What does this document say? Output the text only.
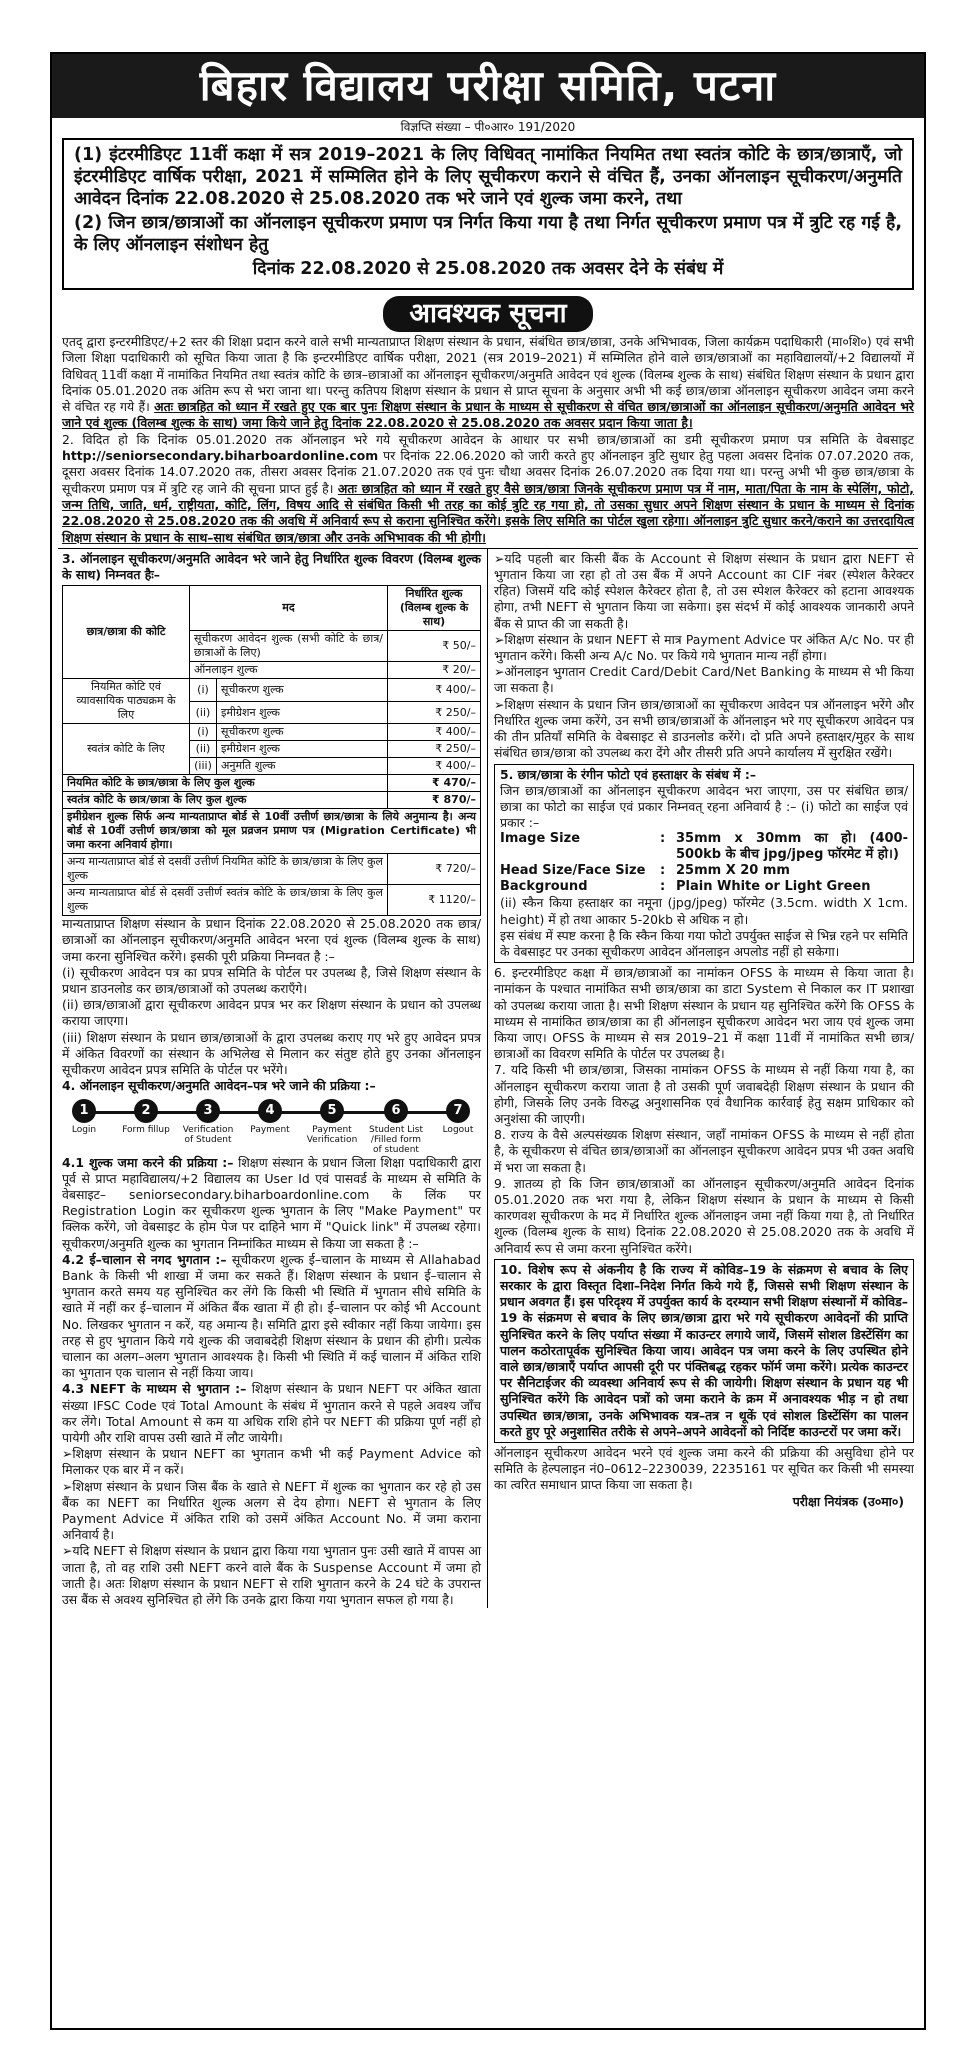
बिहार विद्यालय परीक्षा समिति, पटना
विज्ञप्ति संख्या – पी०आर० 191/2020

(1) इंटरमीडिएट 11वीं कक्षा में सत्र 2019–2021 के लिए विधिवत् नामांकित नियमित तथा स्वतंत्र कोटि के छात्र/छात्राएँ, जो इंटरमीडिएट वार्षिक परीक्षा, 2021 में सम्मिलित होने के लिए सूचीकरण कराने से वंचित हैं, उनका ऑनलाइन सूचीकरण/अनुमति आवेदन दिनांक 22.08.2020 से 25.08.2020 तक भरे जाने एवं शुल्क जमा करने, तथा

(2) जिन छात्र/छात्राओं का ऑनलाइन सूचीकरण प्रमाण पत्र निर्गत किया गया है तथा निर्गत सूचीकरण प्रमाण पत्र में त्रुटि रह गई है, के लिए ऑनलाइन संशोधन हेतु

दिनांक 22.08.2020 से 25.08.2020 तक अवसर देने के संबंध में

आवश्यक सूचना

एतद् द्वारा इन्टरमीडिएट/+2 स्तर की शिक्षा प्रदान करने वाले सभी मान्यताप्राप्त शिक्षण संस्थान के प्रधान, संबंधित छात्र/छात्रा, उनके अभिभावक, जिला कार्यक्रम पदाधिकारी (मा०शि०) एवं सभी जिला शिक्षा पदाधिकारी को सूचित किया जाता है कि इन्टरमीडिएट वार्षिक परीक्षा, 2021 (सत्र 2019–2021) में सम्मिलित होने वाले छात्र/छात्राओं का महाविद्यालयों/+2 विद्यालयों में विधिवत् 11वीं कक्षा में नामांकित नियमित तथा स्वतंत्र कोटि के छात्र–छात्राओं का ऑनलाइन सूचीकरण/अनुमति आवेदन एवं शुल्क (विलम्ब शुल्क के साथ) संबंधित शिक्षण संस्थान के प्रधान द्वारा दिनांक 05.01.2020 तक अंतिम रूप से भरा जाना था। परन्तु कतिपय शिक्षण संस्थान के प्रधान से प्राप्त सूचना के अनुसार अभी भी कई छात्र/छात्रा ऑनलाइन सूचीकरण आवेदन जमा करने से वंचित रह गये हैं। अतः छात्रहित को ध्यान में रखते हुए एक बार पुनः शिक्षण संस्थान के प्रधान के माध्यम से सूचीकरण से वंचित छात्र/छात्राओं का ऑनलाइन सूचीकरण/अनुमति आवेदन भरे जाने एवं शुल्क (विलम्ब शुल्क के साथ) जमा किये जाने हेतु दिनांक 22.08.2020 से 25.08.2020 तक अवसर प्रदान किया जाता है।

2. विदित हो कि दिनांक 05.01.2020 तक ऑनलाइन भरे गये सूचीकरण आवेदन के आधार पर सभी छात्र/छात्राओं का डमी सूचीकरण प्रमाण पत्र समिति के वेबसाइट http://seniorsecondary.biharboardonline.com पर दिनांक 22.06.2020 को जारी करते हुए ऑनलाइन त्रुटि सुधार हेतु पहला अवसर दिनांक 07.07.2020 तक, दूसरा अवसर दिनांक 14.07.2020 तक, तीसरा अवसर दिनांक 21.07.2020 तक एवं पुनः चौथा अवसर दिनांक 26.07.2020 तक दिया गया था। परन्तु अभी भी कुछ छात्र/छात्रा के सूचीकरण प्रमाण पत्र में त्रुटि रह जाने की सूचना प्राप्त हुई है। अतः छात्रहित को ध्यान में रखते हुए वैसे छात्र/छात्रा जिनके सूचीकरण प्रमाण पत्र में नाम, माता/पिता के नाम के स्पेलिंग, फोटो, जन्म तिथि, जाति, धर्म, राष्ट्रीयता, कोटि, लिंग, विषय आदि से संबंधित किसी भी तरह का कोई त्रुटि रह गया हो, तो उसका सुधार अपने शिक्षण संस्थान के प्रधान के माध्यम से दिनांक 22.08.2020 से 25.08.2020 तक की अवधि में अनिवार्य रूप से कराना सुनिश्चित करेंगे। इसके लिए समिति का पोर्टल खुला रहेगा। ऑनलाइन त्रुटि सुधार करने/कराने का उत्तरदायित्व शिक्षण संस्थान के प्रधान के साथ–साथ संबंधित छात्र/छात्रा और उनके अभिभावक की भी होगी।

3. ऑनलाइन सूचीकरण/अनुमति आवेदन भरे जाने हेतु निर्धारित शुल्क विवरण (विलम्ब शुल्क के साथ) निम्नवत हैः–

छात्र/छात्रा की कोटि	मद		निर्धारित शुल्क (विलम्ब शुल्क के साथ)
	सूचीकरण आवेदन शुल्क (सभी कोटि के छात्र/छात्राओं के लिए)		₹ 50/–
	ऑनलाइन शुल्क		₹ 20/–
नियमित कोटि एवं व्यावसायिक पाठ्यक्रम के लिए	(i)	सूचीकरण शुल्क	₹ 400/–
	(ii)	इमीग्रेशन शुल्क	₹ 250/–
स्वतंत्र कोटि के लिए	(i)	सूचीकरण शुल्क	₹ 400/–
	(ii)	इमीग्रेशन शुल्क	₹ 250/–
	(iii)	अनुमति शुल्क	₹ 400/–
नियमित कोटि के छात्र/छात्रा के लिए कुल शुल्क			₹ 470/–
स्वतंत्र कोटि के छात्र/छात्रा के लिए कुल शुल्क			₹ 870/–
इमीग्रेशन शुल्क सिर्फ अन्य मान्यताप्राप्त बोर्ड से 10वीं उत्तीर्ण छात्र/छात्रा के लिये अनुमान्य है। अन्य बोर्ड से 10वीं उत्तीर्ण छात्र/छात्रा को मूल प्रव्रजन प्रमाण पत्र (Migration Certificate) भी जमा करना अनिवार्य होगा।			
अन्य मान्यताप्राप्त बोर्ड से दसवीं उत्तीर्ण नियमित कोटि के छात्र/छात्रा के लिए कुल शुल्क			₹ 720/–
अन्य मान्यताप्राप्त बोर्ड से दसवीं उत्तीर्ण स्वतंत्र कोटि के छात्र/छात्रा के लिए कुल शुल्क			₹ 1120/–

मान्यताप्राप्त शिक्षण संस्थान के प्रधान दिनांक 22.08.2020 से 25.08.2020 तक छात्र/छात्राओं का ऑनलाइन सूचीकरण/अनुमति आवेदन भरना एवं शुल्क (विलम्ब शुल्क के साथ) जमा करना सुनिश्चित करेंगे। इसकी पूरी प्रक्रिया निम्नवत है :–

(i) सूचीकरण आवेदन पत्र का प्रपत्र समिति के पोर्टल पर उपलब्ध है, जिसे शिक्षण संस्थान के प्रधान डाउनलोड कर छात्र/छात्राओं को उपलब्ध कराएँगे।

(ii) छात्र/छात्राओं द्वारा सूचीकरण आवेदन प्रपत्र भर कर शिक्षण संस्थान के प्रधान को उपलब्ध कराया जाएगा।

(iii) शिक्षण संस्थान के प्रधान छात्र/छात्राओं के द्वारा उपलब्ध कराए गए भरे हुए आवेदन प्रपत्र में अंकित विवरणों का संस्थान के अभिलेख से मिलान कर संतुष्ट होते हुए उनका ऑनलाइन सूचीकरण आवेदन प्रपत्र समिति के पोर्टल पर भरेंगे।

4. ऑनलाइन सूचीकरण/अनुमति आवेदन–पत्र भरे जाने की प्रक्रिया :–

1
Login
2
Form fillup
3
Verification of Student
4
Payment
5
Payment Verification
6
Student List /Filled form of student
7
Logout

4.1 शुल्क जमा करने की प्रक्रिया :– शिक्षण संस्थान के प्रधान जिला शिक्षा पदाधिकारी द्वारा पूर्व से प्राप्त महाविद्यालय/+2 विद्यालय का User Id एवं पासवर्ड के माध्यम से समिति के वेबसाइट– seniorsecondary.biharboardonline.com के लिंक पर Registration Login कर सूचीकरण शुल्क भुगतान के लिए "Make Payment" पर क्लिक करेंगे, जो वेबसाइट के होम पेज पर दाहिने भाग में "Quick link" में उपलब्ध रहेगा। सूचीकरण/अनुमति शुल्क का भुगतान निम्नांकित माध्यम से किया जा सकता है :–

4.2 ई–चालान से नगद भुगतान :– सूचीकरण शुल्क ई–चालान के माध्यम से Allahabad Bank के किसी भी शाखा में जमा कर सकते हैं। शिक्षण संस्थान के प्रधान ई–चालान से भुगतान करते समय यह सुनिश्चित कर लेंगे कि किसी भी स्थिति में भुगतान सीधे समिति के खाते में नहीं कर ई–चालान में अंकित बैंक खाता में ही हो। ई–चालान पर कोई भी Account No. लिखकर भुगतान न करें, यह अमान्य है। समिति द्वारा इसे स्वीकार नहीं किया जायेगा। इस तरह से हुए भुगतान किये गये शुल्क की जवाबदेही शिक्षण संस्थान के प्रधान की होगी। प्रत्येक चालान का अलग–अलग भुगतान आवश्यक है। किसी भी स्थिति में कई चालान में अंकित राशि का भुगतान एक चालान से नहीं किया जाय।

4.3 NEFT के माध्यम से भुगतान :– शिक्षण संस्थान के प्रधान NEFT पर अंकित खाता संख्या IFSC Code एवं Total Amount के संबंध में भुगतान करने से पहले अवश्य जाँच कर लेंगे। Total Amount से कम या अधिक राशि होने पर NEFT की प्रक्रिया पूर्ण नहीं हो पायेगी और राशि वापस उसी खाते में लौट जायेगी।

➢ शिक्षण संस्थान के प्रधान NEFT का भुगतान कभी भी कई Payment Advice को मिलाकर एक बार में न करें।

➢ शिक्षण संस्थान के प्रधान जिस बैंक के खाते से NEFT में शुल्क का भुगतान कर रहे हो उस बैंक का NEFT का निर्धारित शुल्क अलग से देय होगा। NEFT से भुगतान के लिए Payment Advice में अंकित राशि को उसमें अंकित Account No. में जमा कराना अनिवार्य है।

➢ यदि NEFT से शिक्षण संस्थान के प्रधान द्वारा किया गया भुगतान पुनः उसी खाते में वापस आ जाता है, तो वह राशि उसी NEFT करने वाले बैंक के Suspense Account में जमा हो जाती है। अतः शिक्षण संस्थान के प्रधान NEFT से राशि भुगतान करने के 24 घंटे के उपरान्त उस बैंक से अवश्य सुनिश्चित हो लेंगे कि उनके द्वारा किया गया भुगतान सफल हो गया है।

➢ यदि पहली बार किसी बैंक के Account से शिक्षण संस्थान के प्रधान द्वारा NEFT से भुगतान किया जा रहा हो तो उस बैंक में अपने Account का CIF नंबर (स्पेशल कैरेक्टर रहित) जिसमें यदि कोई स्पेशल कैरेक्टर होता है, तो उस स्पेशल कैरेक्टर को हटाना आवश्यक होगा, तभी NEFT से भुगतान किया जा सकेगा। इस संदर्भ में कोई आवश्यक जानकारी अपने बैंक से प्राप्त की जा सकती है।

➢ शिक्षण संस्थान के प्रधान NEFT से मात्र Payment Advice पर अंकित A/c No. पर ही भुगतान करेंगे। किसी अन्य A/c No. पर किये गये भुगतान मान्य नहीं होगा।

➢ ऑनलाइन भुगतान Credit Card/Debit Card/Net Banking के माध्यम से भी किया जा सकता है।

➢ शिक्षण संस्थान के प्रधान जिन छात्र/छात्राओं का सूचीकरण आवेदन पत्र ऑनलाइन भरेंगे और निर्धारित शुल्क जमा करेंगे, उन सभी छात्र/छात्राओं के ऑनलाइन भरे गए सूचीकरण आवेदन पत्र की तीन प्रतियाँ समिति के वेबसाइट से डाउनलोड करेंगे। दो प्रति अपने हस्ताक्षर/मुहर के साथ संबंधित छात्र/छात्रा को उपलब्ध करा देंगे और तीसरी प्रति अपने कार्यालय में सुरक्षित रखेंगे।

5. छात्र/छात्रा के रंगीन फोटो एवं हस्ताक्षर के संबंध में :–

जिन छात्र/छात्राओं का ऑनलाइन सूचीकरण आवेदन भरा जाएगा, उस पर संबंधित छात्र/छात्रा का फोटो का साईज एवं प्रकार निम्नवत् रहना अनिवार्य है :– (i) फोटो का साईज एवं प्रकार :–

Image Size	: 35mm x 30mm का हो। (400-500kb के बीच jpg/jpeg फॉरमेट में हो।)
Head Size/Face Size	: 25mm X 20 mm
Background	: Plain White or Light Green

(ii) स्कैन किया हस्ताक्षर का नमूना (jpg/jpeg) फॉरमेट (3.5cm. width X 1cm. height) में हो तथा आकार 5-20kb से अधिक न हो।

इस संबंध में स्पष्ट करना है कि स्कैन किया गया फोटो उपर्युक्त साईज से भिन्न रहने पर समिति के वेबसाइट पर उनका सूचीकरण आवेदन ऑनलाइन अपलोड नहीं हो सकेगा।

6. इन्टरमीडिएट कक्षा में छात्र/छात्राओं का नामांकन OFSS के माध्यम से किया जाता है। नामांकन के पश्चात नामांकित सभी छात्र/छात्रा का डाटा System से निकाल कर IT प्रशाखा को उपलब्ध कराया जाता है। सभी शिक्षण संस्थान के प्रधान यह सुनिश्चित करेंगे कि OFSS के माध्यम से नामांकित छात्र/छात्रा का ही ऑनलाइन सूचीकरण आवेदन भरा जाय एवं शुल्क जमा किया जाए। OFSS के माध्यम से सत्र 2019–21 में कक्षा 11वीं में नामांकित सभी छात्र/छात्राओं का विवरण समिति के पोर्टल पर उपलब्ध है।

7. यदि किसी भी छात्र/छात्रा, जिसका नामांकन OFSS के माध्यम से नहीं किया गया है, का ऑनलाइन सूचीकरण कराया जाता है तो उसकी पूर्ण जवाबदेही शिक्षण संस्थान के प्रधान की होगी, जिसके लिए उनके विरुद्ध अनुशासनिक एवं वैधानिक कार्रवाई हेतु सक्षम प्राधिकार को अनुशंसा की जाएगी।

8. राज्य के वैसे अल्पसंख्यक शिक्षण संस्थान, जहाँ नामांकन OFSS के माध्यम से नहीं होता है, के सूचीकरण से वंचित छात्र/छात्राओं का ऑनलाइन सूचीकरण आवेदन प्रपत्र भी उक्त अवधि में भरा जा सकता है।

9. ज्ञातव्य हो कि जिन छात्र/छात्राओं का ऑनलाइन सूचीकरण/अनुमति आवेदन दिनांक 05.01.2020 तक भरा गया है, लेकिन शिक्षण संस्थान के प्रधान के माध्यम से किसी कारणवश सूचीकरण के मद में निर्धारित शुल्क ऑनलाइन जमा नहीं किया गया है, तो निर्धारित शुल्क (विलम्ब शुल्क के साथ) दिनांक 22.08.2020 से 25.08.2020 तक के अवधि में अनिवार्य रूप से जमा करना सुनिश्चित करेंगे।

10. विशेष रूप से अंकनीय है कि राज्य में कोविड–19 के संक्रमण से बचाव के लिए सरकार के द्वारा विस्तृत दिशा–निदेश निर्गत किये गये हैं, जिससे सभी शिक्षण संस्थान के प्रधान अवगत हैं। इस परिदृश्य में उपर्युक्त कार्य के दरम्यान सभी शिक्षण संस्थानों में कोविड–19 के संक्रमण से बचाव के लिए छात्र/छात्रा द्वारा भरे गये सूचीकरण आवेदनों की प्राप्ति सुनिश्चित करने के लिए पर्याप्त संख्या में काउन्टर लगाये जायें, जिसमें सोशल डिस्टेंसिंग का पालन कठोरतापूर्वक सुनिश्चित किया जाय। आवेदन पत्र जमा करने के लिए उपस्थित होने वाले छात्र/छात्राएँ पर्याप्त आपसी दूरी पर पंक्तिबद्ध रहकर फॉर्म जमा करेंगे। प्रत्येक काउन्टर पर सैनिटाईजर की व्यवस्था अनिवार्य रूप से की जायेगी। शिक्षण संस्थान के प्रधान यह भी सुनिश्चित करेंगे कि आवेदन पत्रों को जमा कराने के क्रम में अनावश्यक भीड़ न हो तथा उपस्थित छात्र/छात्रा, उनके अभिभावक यत्र–तत्र न थूकें एवं सोशल डिस्टेंसिंग का पालन करते हुए पूरे अनुशासित तरीके से अपने–अपने आवेदनों को निर्दिष्ट काउन्टरों पर जमा करें।

ऑनलाइन सूचीकरण आवेदन भरने एवं शुल्क जमा करने की प्रक्रिया की असुविधा होने पर समिति के हेल्पलाइन नं0–0612–2230039, 2235161 पर सूचित कर किसी भी समस्या का त्वरित समाधान प्राप्त किया जा सकता है।

परीक्षा नियंत्रक (उ०मा०)
